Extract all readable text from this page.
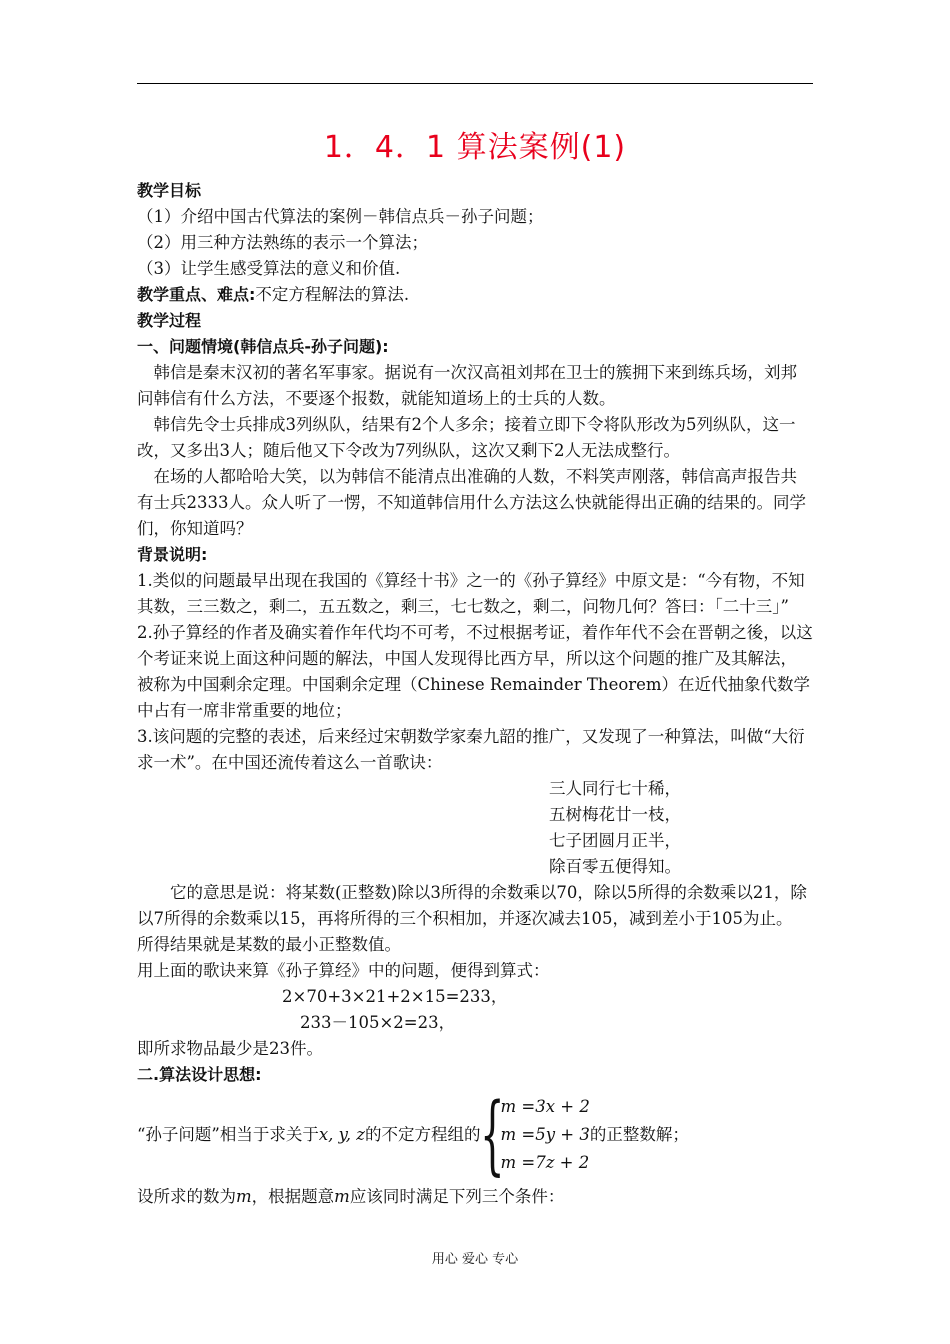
1．4．1 算法案例(1)

教学目标

（1）介绍中国古代算法的案例－韩信点兵－孙子问题；

（2）用三种方法熟练的表示一个算法；

（3）让学生感受算法的意义和价值.

教学重点、难点:不定方程解法的算法.

教学过程

一、问题情境(韩信点兵-孙子问题):

韩信是秦末汉初的著名军事家。据说有一次汉高祖刘邦在卫士的簇拥下来到练兵场，刘邦问韩信有什么方法，不要逐个报数，就能知道场上的士兵的人数。

韩信先令士兵排成3列纵队，结果有2个人多余；接着立即下令将队形改为5列纵队，这一改，又多出3人；随后他又下令改为7列纵队，这次又剩下2人无法成整行。

在场的人都哈哈大笑，以为韩信不能清点出准确的人数，不料笑声刚落，韩信高声报告共有士兵2333人。众人听了一愣，不知道韩信用什么方法这么快就能得出正确的结果的。同学们，你知道吗？

背景说明:

1.类似的问题最早出现在我国的《算经十书》之一的《孙子算经》中原文是：“今有物，不知其数，三三数之，剩二，五五数之，剩三，七七数之，剩二，问物几何？答曰：「二十三」”

2.孙子算经的作者及确实着作年代均不可考，不过根据考证，着作年代不会在晋朝之後，以这个考证来说上面这种问题的解法，中国人发现得比西方早，所以这个问题的推广及其解法，被称为中国剩余定理。中国剩余定理（Chinese Remainder Theorem）在近代抽象代数学中占有一席非常重要的地位；

3.该问题的完整的表述，后来经过宋朝数学家秦九韶的推广，又发现了一种算法，叫做“大衍求一术”。在中国还流传着这么一首歌诀：

三人同行七十稀，

五树梅花廿一枝，

七子团圆月正半，

除百零五便得知。

它的意思是说：将某数(正整数)除以3所得的余数乘以70，除以5所得的余数乘以21，除以7所得的余数乘以15，再将所得的三个积相加，并逐次减去105，减到差小于105为止。 所得结果就是某数的最小正整数值。

用上面的歌诀来算《孙子算经》中的问题，便得到算式：

2×70+3×21+2×15=233，

233－105×2=23，

即所求物品最少是23件。

二.算法设计思想:

“孙子问题”相当于求关于 x, y, z 的不定方程组的 {
m =3x + 2
m =5y + 3
m =7z + 2
的正整数解；

设所求的数为m，根据题意m应该同时满足下列三个条件：

用心 爱心 专心
